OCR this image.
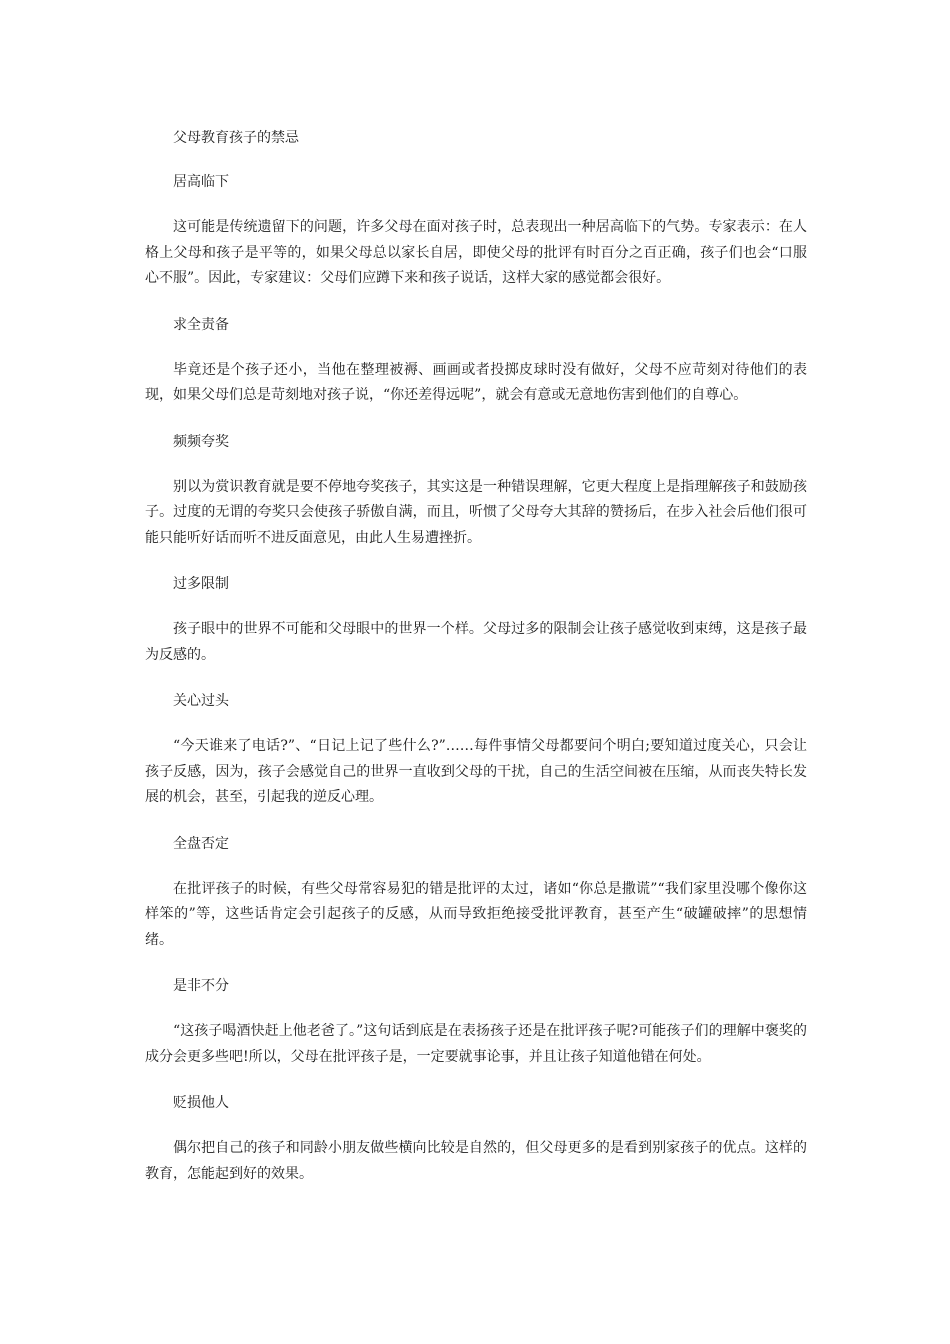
父母教育孩子的禁忌
居高临下

这可能是传统遗留下的问题，许多父母在面对孩子时，总表现出一种居高临下的气势。专家表示：在人格上父母和孩子是平等的，如果父母总以家长自居，即使父母的批评有时百分之百正确，孩子们也会“口服心不服”。因此，专家建议：父母们应蹲下来和孩子说话，这样大家的感觉都会很好。

求全责备

毕竟还是个孩子还小，当他在整理被褥、画画或者投掷皮球时没有做好，父母不应苛刻对待他们的表现，如果父母们总是苛刻地对孩子说，“你还差得远呢”，就会有意或无意地伤害到他们的自尊心。

频频夸奖

别以为赏识教育就是要不停地夸奖孩子，其实这是一种错误理解，它更大程度上是指理解孩子和鼓励孩子。过度的无谓的夸奖只会使孩子骄傲自满，而且，听惯了父母夸大其辞的赞扬后，在步入社会后他们很可能只能听好话而听不进反面意见，由此人生易遭挫折。

过多限制

孩子眼中的世界不可能和父母眼中的世界一个样。父母过多的限制会让孩子感觉收到束缚，这是孩子最为反感的。

关心过头

“今天谁来了电话?”、“日记上记了些什么?”……每件事情父母都要问个明白;要知道过度关心，只会让孩子反感，因为，孩子会感觉自己的世界一直收到父母的干扰，自己的生活空间被在压缩，从而丧失特长发展的机会，甚至，引起我的逆反心理。

全盘否定

在批评孩子的时候，有些父母常容易犯的错是批评的太过，诸如“你总是撒谎”“我们家里没哪个像你这样笨的”等，这些话肯定会引起孩子的反感，从而导致拒绝接受批评教育，甚至产生“破罐破摔”的思想情绪。

是非不分

“这孩子喝酒快赶上他老爸了。”这句话到底是在表扬孩子还是在批评孩子呢?可能孩子们的理解中褒奖的成分会更多些吧!所以，父母在批评孩子是，一定要就事论事，并且让孩子知道他错在何处。

贬损他人

偶尔把自己的孩子和同龄小朋友做些横向比较是自然的，但父母更多的是看到别家孩子的优点。这样的教育，怎能起到好的效果。
